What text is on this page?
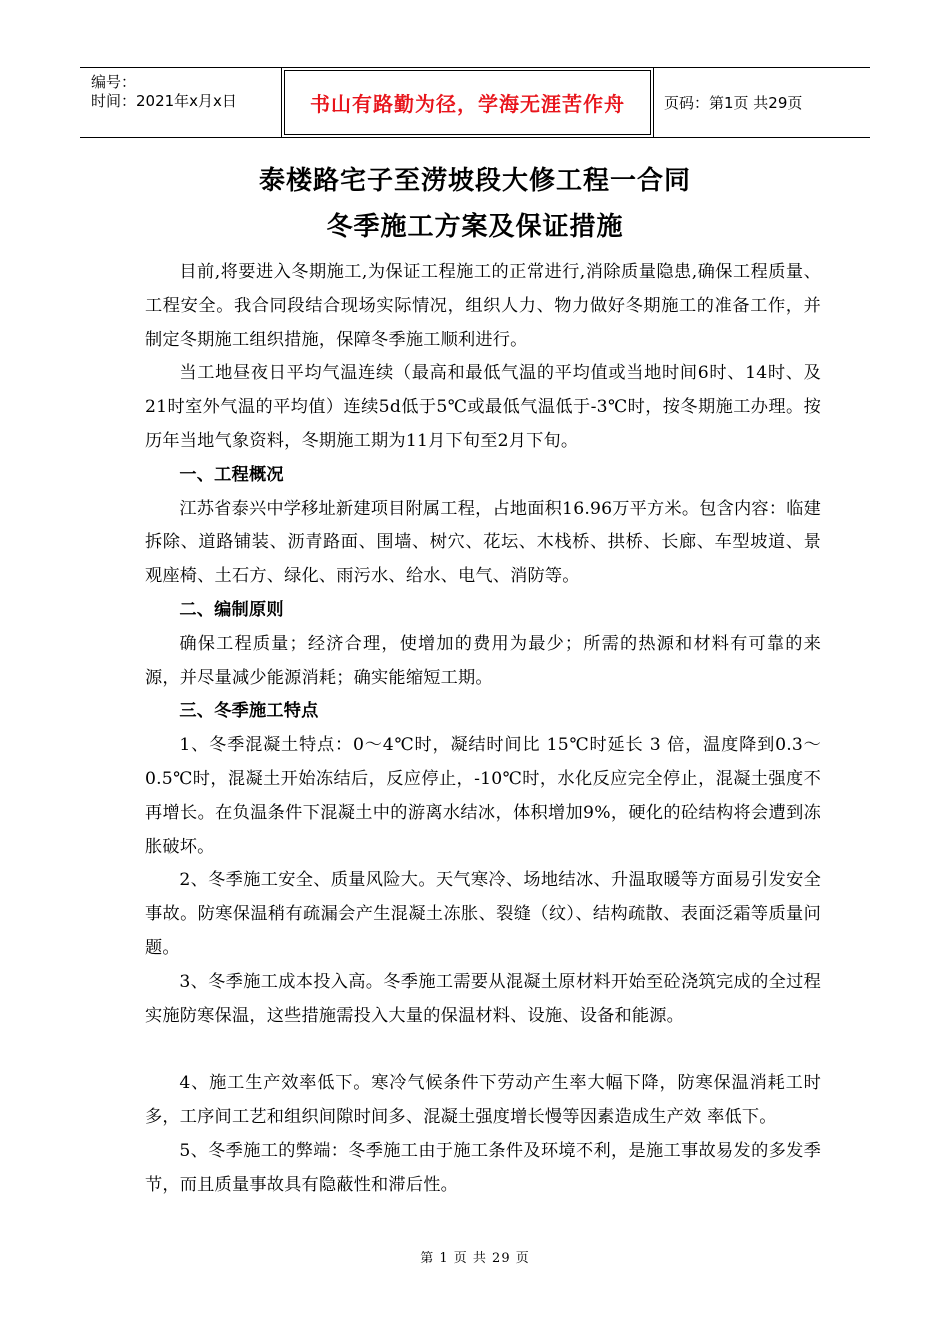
编号：
时间：2021年x月x日	书山有路勤为径，学海无涯苦作舟	页码：第1页 共29页
泰楼路宅子至涝坡段大修工程一合同
冬季施工方案及保证措施

目前,将要进入冬期施工,为保证工程施工的正常进行,消除质量隐患,确保工程质量、工程安全。我合同段结合现场实际情况，组织人力、物力做好冬期施工的准备工作，并制定冬期施工组织措施，保障冬季施工顺利进行。

当工地昼夜日平均气温连续（最高和最低气温的平均值或当地时间6时、14时、及21时室外气温的平均值）连续5d低于5℃或最低气温低于-3℃时，按冬期施工办理。按历年当地气象资料，冬期施工期为11月下旬至2月下旬。

一、工程概况

江苏省泰兴中学移址新建项目附属工程，占地面积16.96万平方米。包含内容：临建拆除、道路铺装、沥青路面、围墙、树穴、花坛、木栈桥、拱桥、长廊、车型坡道、景观座椅、土石方、绿化、雨污水、给水、电气、消防等。

二、编制原则

确保工程质量；经济合理，使增加的费用为最少；所需的热源和材料有可靠的来源，并尽量减少能源消耗；确实能缩短工期。

三、冬季施工特点

1、冬季混凝土特点：0～4℃时，凝结时间比 15℃时延长 3 倍，温度降到0.3～ 0.5℃时，混凝土开始冻结后，反应停止，-10℃时，水化反应完全停止，混凝土强度不再增长。在负温条件下混凝土中的游离水结冰，体积增加9%，硬化的砼结构将会遭到冻胀破坏。

2、冬季施工安全、质量风险大。天气寒冷、场地结冰、升温取暖等方面易引发安全事故。防寒保温稍有疏漏会产生混凝土冻胀、裂缝（纹）、结构疏散、表面泛霜等质量问题。

3、冬季施工成本投入高。冬季施工需要从混凝土原材料开始至砼浇筑完成的全过程实施防寒保温，这些措施需投入大量的保温材料、设施、设备和能源。

4、施工生产效率低下。寒冷气候条件下劳动产生率大幅下降，防寒保温消耗工时多，工序间工艺和组织间隙时间多、混凝土强度增长慢等因素造成生产效 率低下。

5、冬季施工的弊端：冬季施工由于施工条件及环境不利，是施工事故易发的多发季节，而且质量事故具有隐蔽性和滞后性。

第 1 页 共 29 页
